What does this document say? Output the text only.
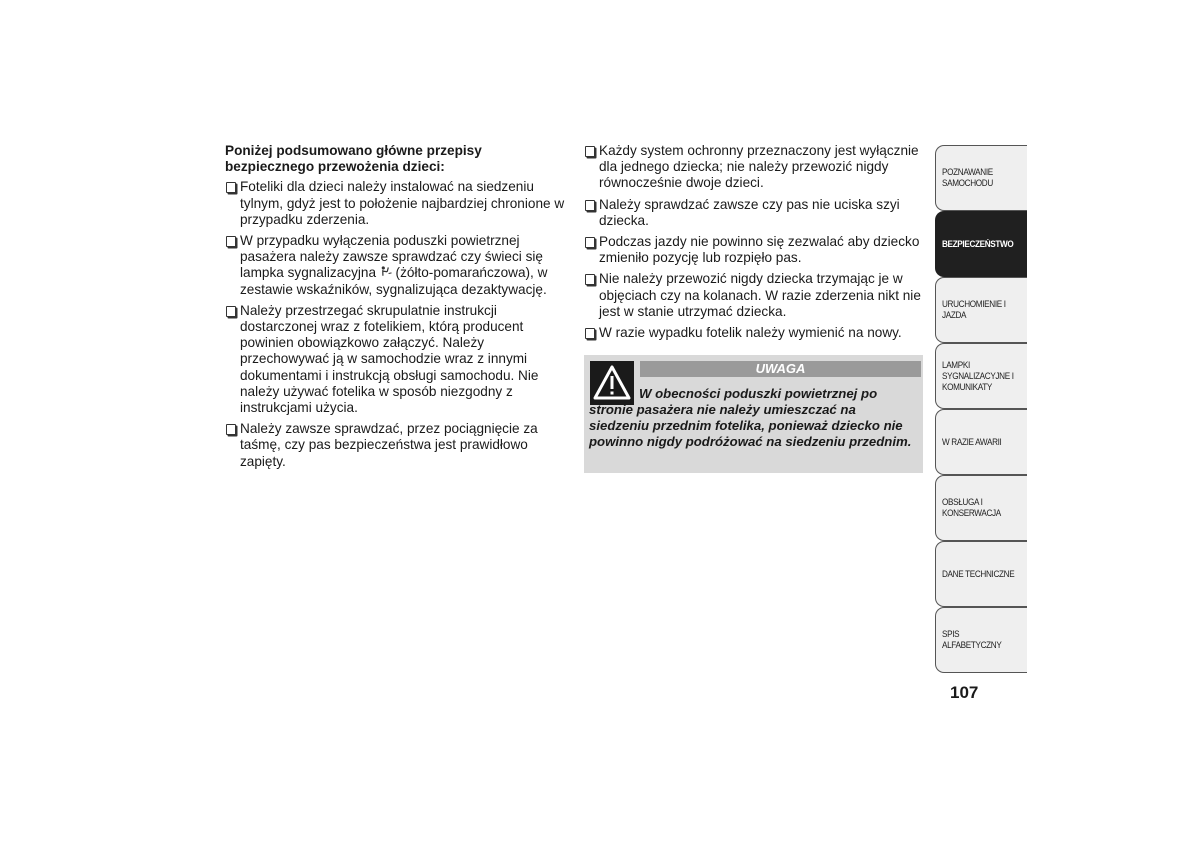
Poniżej podsumowano główne przepisy bezpiecznego przewożenia dzieci:

Foteliki dla dzieci należy instalować na siedzeniu tylnym, gdyż jest to położenie najbardziej chronione w przypadku zderzenia.
W przypadku wyłączenia poduszki powietrznej pasażera należy zawsze sprawdzać czy świeci się lampka sygnalizacyjna  (żółto-pomarańczowa), w zestawie wskaźników, sygnalizująca dezaktywację.
Należy przestrzegać skrupulatnie instrukcji dostarczonej wraz z fotelikiem, którą producent powinien obowiązkowo załączyć. Należy przechowywać ją w samochodzie wraz z innymi dokumentami i instrukcją obsługi samochodu. Nie należy używać fotelika w sposób niezgodny z instrukcjami użycia.
Należy zawsze sprawdzać, przez pociągnięcie za taśmę, czy pas bezpieczeństwa jest prawidłowo zapięty.
Każdy system ochronny przeznaczony jest wyłącznie dla jednego dziecka; nie należy przewozić nigdy równocześnie dwoje dzieci.
Należy sprawdzać zawsze czy pas nie uciska szyi dziecka.
Podczas jazdy nie powinno się zezwalać aby dziecko zmieniło pozycję lub rozpięło pas.
Nie należy przewozić nigdy dziecka trzymając je w objęciach czy na kolanach. W razie zderzenia nikt nie jest w stanie utrzymać dziecka.
W razie wypadku fotelik należy wymienić na nowy.
UWAGA
W obecności poduszki powietrznej po stronie pasażera nie należy umieszczać na siedzeniu przednim fotelika, ponieważ dziecko nie powinno nigdy podróżować na siedzeniu przednim.
POZNAWANIE SAMOCHODU
BEZPIECZEŃSTWO
URUCHOMIENIE I JAZDA
LAMPKI SYGNALIZACYJNE I KOMUNIKATY
W RAZIE AWARII
OBSŁUGA I KONSERWACJA
DANE TECHNICZNE
SPIS ALFABETYCZNY
107
